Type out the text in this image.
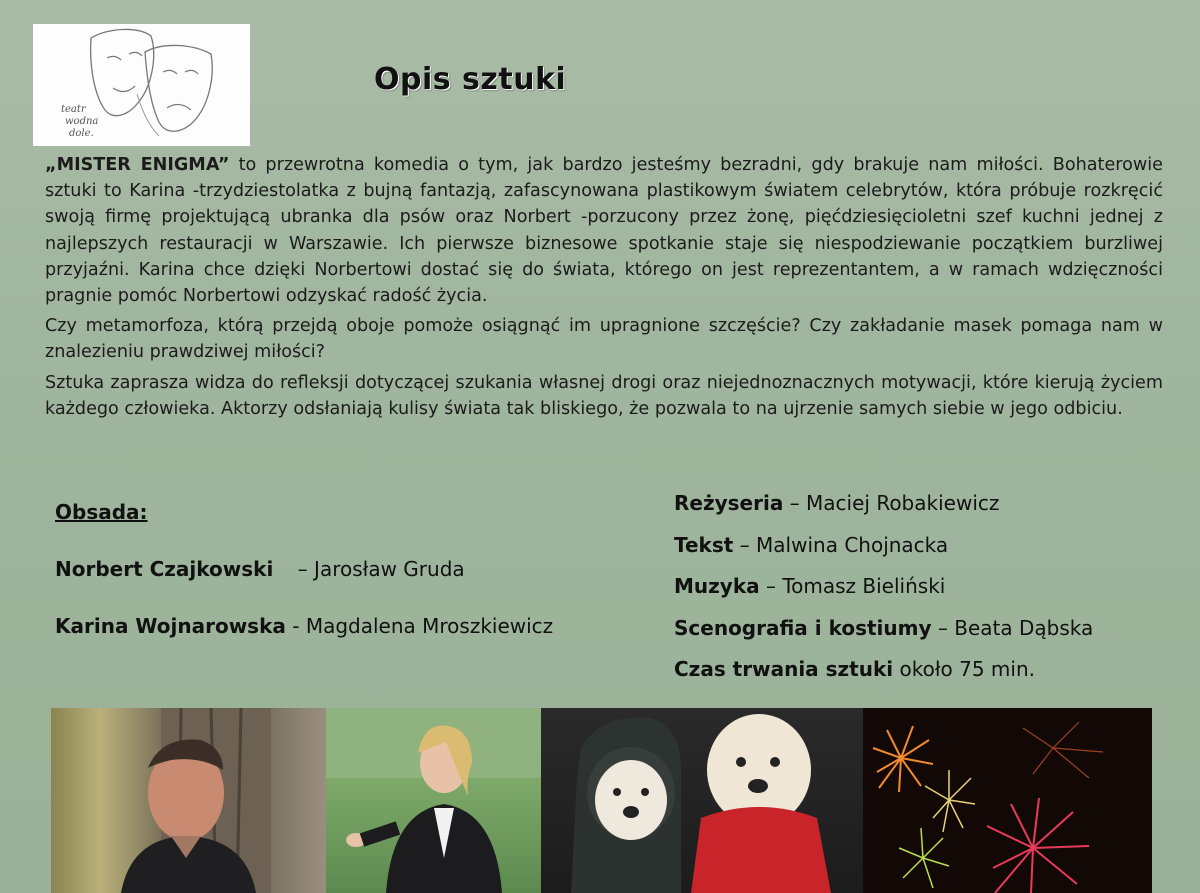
teatr
wodna
dole.
Opis sztuki

„MISTER ENIGMA” to przewrotna komedia o tym, jak bardzo jesteśmy bezradni, gdy brakuje nam miłości. Bohaterowie sztuki to Karina -trzydziestolatka z bujną fantazją, zafascynowana plastikowym światem celebrytów, która próbuje rozkręcić swoją firmę projektującą ubranka dla psów oraz Norbert -porzucony przez żonę, pięćdziesięcioletni szef kuchni jednej z najlepszych restauracji w Warszawie. Ich pierwsze biznesowe spotkanie staje się niespodziewanie początkiem burzliwej przyjaźni. Karina chce dzięki Norbertowi dostać się do świata, którego on jest reprezentantem, a w ramach wdzięczności pragnie pomóc Norbertowi odzyskać radość życia.

Czy metamorfoza, którą przejdą oboje pomoże osiągnąć im upragnione szczęście? Czy zakładanie masek pomaga nam w znalezieniu prawdziwej miłości?

Sztuka zaprasza widza do refleksji dotyczącej szukania własnej drogi oraz niejednoznacznych motywacji, które kierują życiem każdego człowieka. Aktorzy odsłaniają kulisy świata tak bliskiego, że pozwala to na ujrzenie samych siebie w jego odbiciu.

Obsada:
Norbert Czajkowski – Jarosław Gruda
Karina Wojnarowska - Magdalena Mroszkiewicz
Reżyseria – Maciej Robakiewicz
Tekst – Malwina Chojnacka
Muzyka – Tomasz Bieliński
Scenografia i kostiumy – Beata Dąbska
Czas trwania sztuki około 75 min.
